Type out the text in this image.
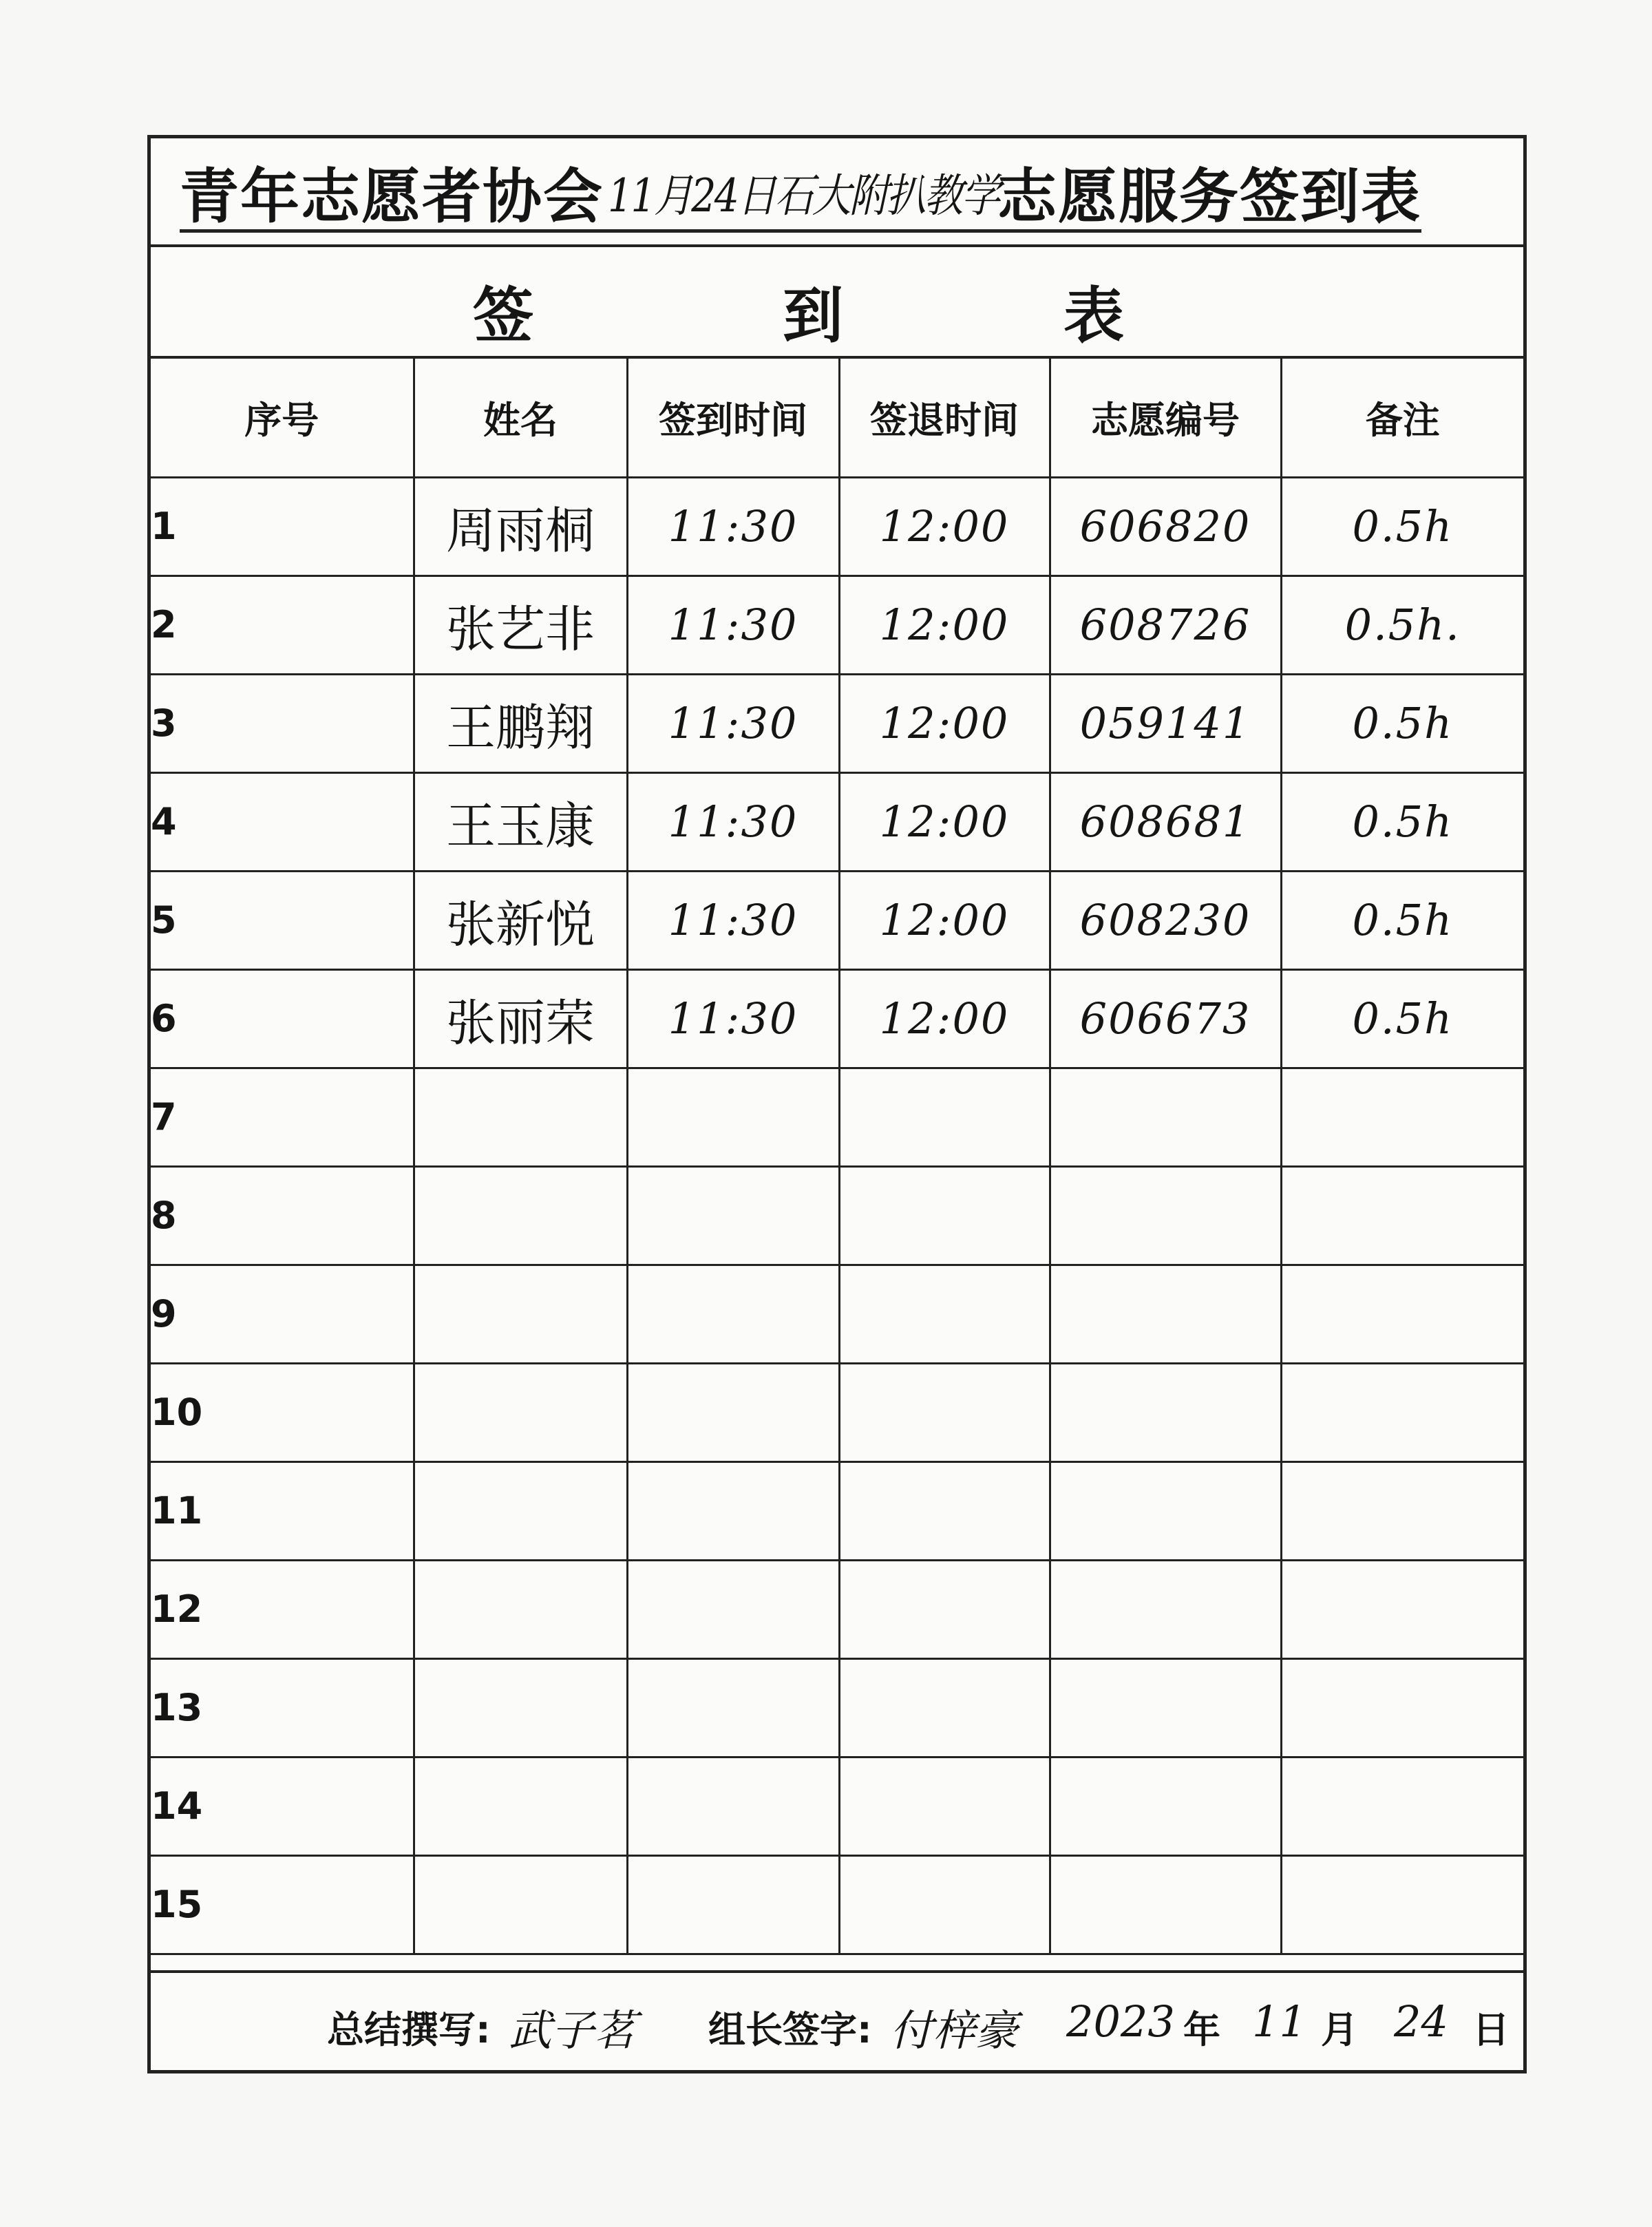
青年志愿者协会 11月24日石大附扒教学
志愿服务签到表
签	到	表
序号	姓名	签到时间	签退时间	志愿编号	备注
1	周雨桐	11:30	12:00	606820	0.5h
2	张艺非	11:30	12:00	608726	0.5h.
3	王鹏翔	11:30	12:00	059141	0.5h
4	王玉康	11:30	12:00	608681	0.5h
5	张新悦	11:30	12:00	608230	0.5h
6	张丽荣	11:30	12:00	606673	0.5h
7					
8					
9					
10					
11					
12					
13					
14					
15					
总结撰写: 武子茗 组长签字: 付梓豪 2023 年 11 月 24 日
